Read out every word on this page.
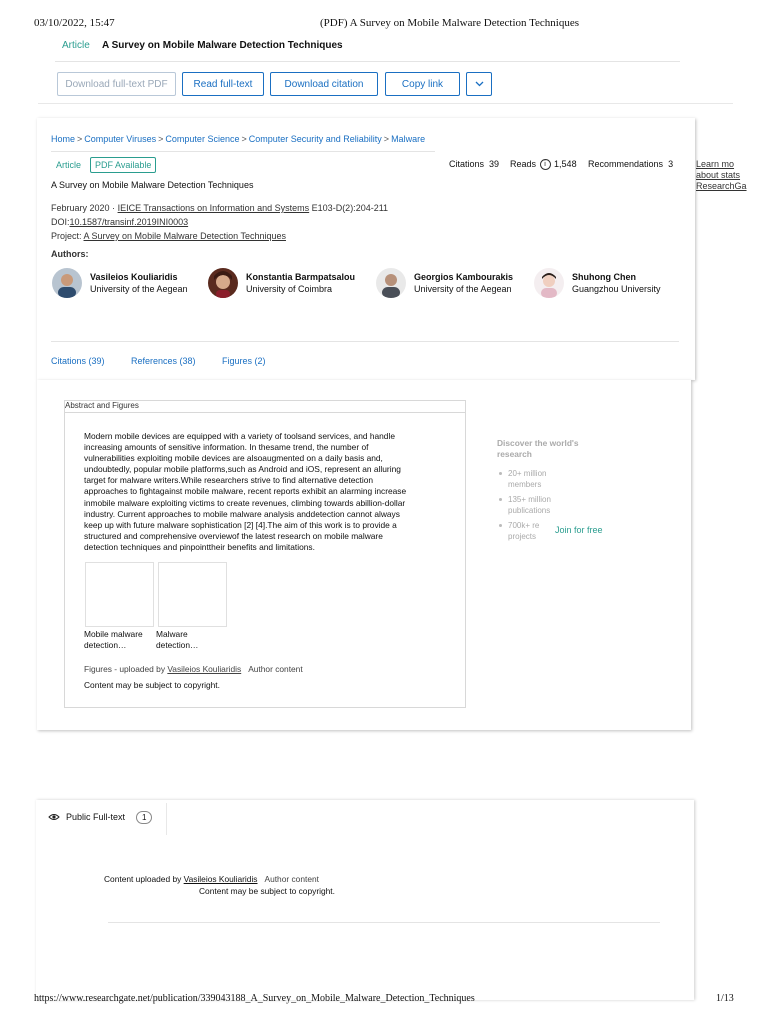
03/10/2022, 15:47	(PDF) A Survey on Mobile Malware Detection Techniques
Article A Survey on Mobile Malware Detection Techniques
Download full-text PDF	Read full-text	Download citation	Copy link
Home > Computer Viruses > Computer Science > Computer Security and Reliability > Malware
Article	PDF Available
A Survey on Mobile Malware Detection Techniques
Citations 39 Reads i 1,548 Recommendations 3	Learn mo
about stats
ResearchGa
February 2020 · IEICE Transactions on Information and Systems E103-D(2):204-211
DOI:10.1587/transinf.2019INI0003
Project: A Survey on Mobile Malware Detection Techniques
Authors:
Vasileios Kouliaridis
University of the Aegean
Konstantia Barmpatsalou
University of Coimbra
Georgios Kambourakis
University of the Aegean
Shuhong Chen
Guangzhou University
Citations (39)	References (38)	Figures (2)
Abstract and Figures
Modern mobile devices are equipped with a variety of toolsand services, and handle
increasing amounts of sensitive information. In thesame trend, the number of
vulnerabilities exploiting mobile devices are alsoaugmented on a daily basis and,
undoubtedly, popular mobile platforms,such as Android and iOS, represent an alluring
target for malware writers.While researchers strive to find alternative detection
approaches to fightagainst mobile malware, recent reports exhibit an alarming increase
inmobile malware exploiting victims to create revenues, climbing towards abillion-dollar
industry. Current approaches to mobile malware analysis anddetection cannot always
keep up with future malware sophistication [2] [4].The aim of this work is to provide a
structured and comprehensive overviewof the latest research on mobile malware
detection techniques and pinpointtheir benefits and limitations.
Mobile malware
detection…
Malware
detection…
Figures - uploaded by Vasileios Kouliaridis Author content
Content may be subject to copyright.
Discover the world's research
20+ million
members
135+ million
publications
700k+ re
projects
Join for free
Public Full-text	1
Content uploaded by Vasileios Kouliaridis Author content
Content may be subject to copyright.
https://www.researchgate.net/publication/339043188_A_Survey_on_Mobile_Malware_Detection_Techniques	1/13
